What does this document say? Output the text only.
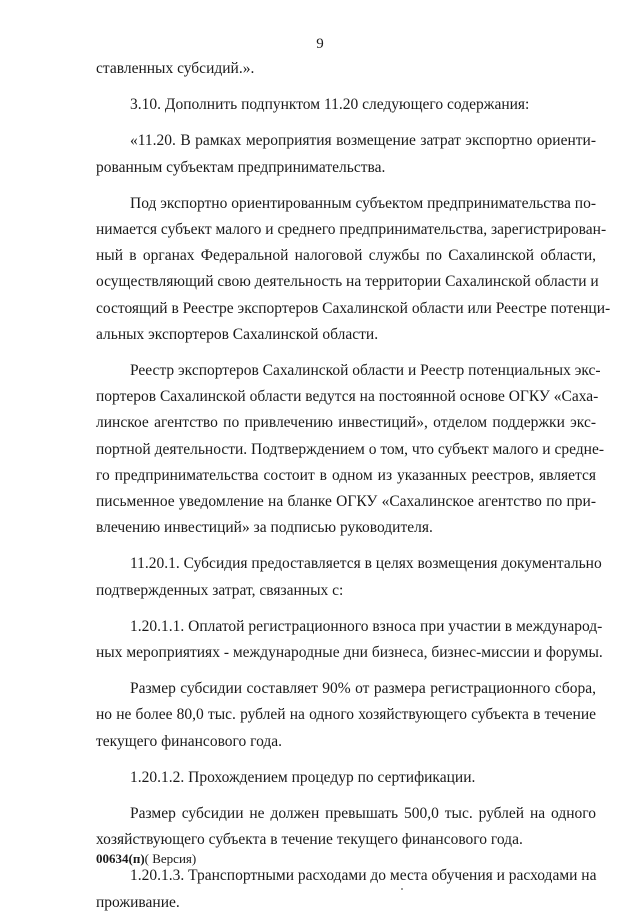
9
ставленных субсидий.».
3.10. Дополнить подпунктом 11.20 следующего содержания:
«11.20. В рамках мероприятия возмещение затрат экспортно ориенти-
рованным субъектам предпринимательства.
Под экспортно ориентированным субъектом предпринимательства по-
нимается субъект малого и среднего предпринимательства, зарегистрирован-
ный в органах Федеральной налоговой службы по Сахалинской области,
осуществляющий свою деятельность на территории Сахалинской области и
состоящий в Реестре экспортеров Сахалинской области или Реестре потенци-
альных экспортеров Сахалинской области.
Реестр экспортеров Сахалинской области и Реестр потенциальных экс-
портеров Сахалинской области ведутся на постоянной основе ОГКУ «Саха-
линское агентство по привлечению инвестиций», отделом поддержки экс-
портной деятельности. Подтверждением о том, что субъект малого и средне-
го предпринимательства состоит в одном из указанных реестров, является
письменное уведомление на бланке ОГКУ «Сахалинское агентство по при-
влечению инвестиций» за подписью руководителя.
11.20.1. Субсидия предоставляется в целях возмещения документально
подтвержденных затрат, связанных с:
1.20.1.1. Оплатой регистрационного взноса при участии в международ-
ных мероприятиях - международные дни бизнеса, бизнес-миссии и форумы.
Размер субсидии составляет 90% от размера регистрационного сбора,
но не более 80,0 тыс. рублей на одного хозяйствующего субъекта в течение
текущего финансового года.
1.20.1.2. Прохождением процедур по сертификации.
Размер субсидии не должен превышать 500,0 тыс. рублей на одного
хозяйствующего субъекта в течение текущего финансового года.
1.20.1.3. Транспортными расходами до места обучения и расходами на
проживание.
00634(п)( Версия)
